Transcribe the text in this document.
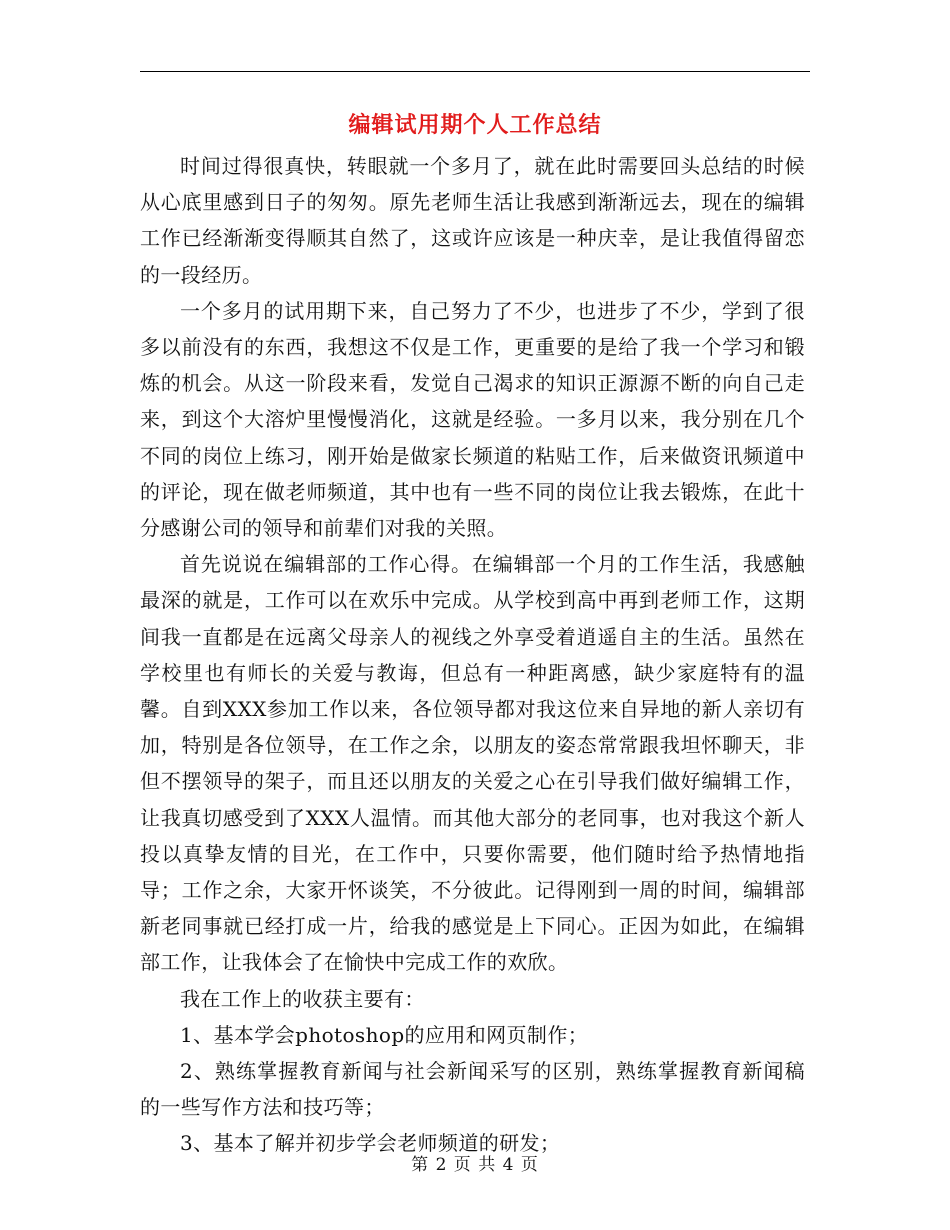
编辑试用期个人工作总结

时间过得很真快，转眼就一个多月了，就在此时需要回头总结的时候从心底里感到日子的匆匆。原先老师生活让我感到渐渐远去，现在的编辑工作已经渐渐变得顺其自然了，这或许应该是一种庆幸，是让我值得留恋的一段经历。

一个多月的试用期下来，自己努力了不少，也进步了不少，学到了很多以前没有的东西，我想这不仅是工作，更重要的是给了我一个学习和锻炼的机会。从这一阶段来看，发觉自己渴求的知识正源源不断的向自己走来，到这个大溶炉里慢慢消化，这就是经验。一多月以来，我分别在几个不同的岗位上练习，刚开始是做家长频道的粘贴工作，后来做资讯频道中的评论，现在做老师频道，其中也有一些不同的岗位让我去锻炼，在此十分感谢公司的领导和前辈们对我的关照。

首先说说在编辑部的工作心得。在编辑部一个月的工作生活，我感触最深的就是，工作可以在欢乐中完成。从学校到高中再到老师工作，这期间我一直都是在远离父母亲人的视线之外享受着逍遥自主的生活。虽然在学校里也有师长的关爱与教诲，但总有一种距离感，缺少家庭特有的温馨。自到XXX参加工作以来，各位领导都对我这位来自异地的新人亲切有加，特别是各位领导，在工作之余，以朋友的姿态常常跟我坦怀聊天，非但不摆领导的架子，而且还以朋友的关爱之心在引导我们做好编辑工作，让我真切感受到了XXX人温情。而其他大部分的老同事，也对我这个新人投以真挚友情的目光，在工作中，只要你需要，他们随时给予热情地指导；工作之余，大家开怀谈笑，不分彼此。记得刚到一周的时间，编辑部新老同事就已经打成一片，给我的感觉是上下同心。正因为如此，在编辑部工作，让我体会了在愉快中完成工作的欢欣。

我在工作上的收获主要有：

1、基本学会photoshop的应用和网页制作；

2、熟练掌握教育新闻与社会新闻采写的区别，熟练掌握教育新闻稿的一些写作方法和技巧等；

3、基本了解并初步学会老师频道的研发；

第 2 页 共 4 页
